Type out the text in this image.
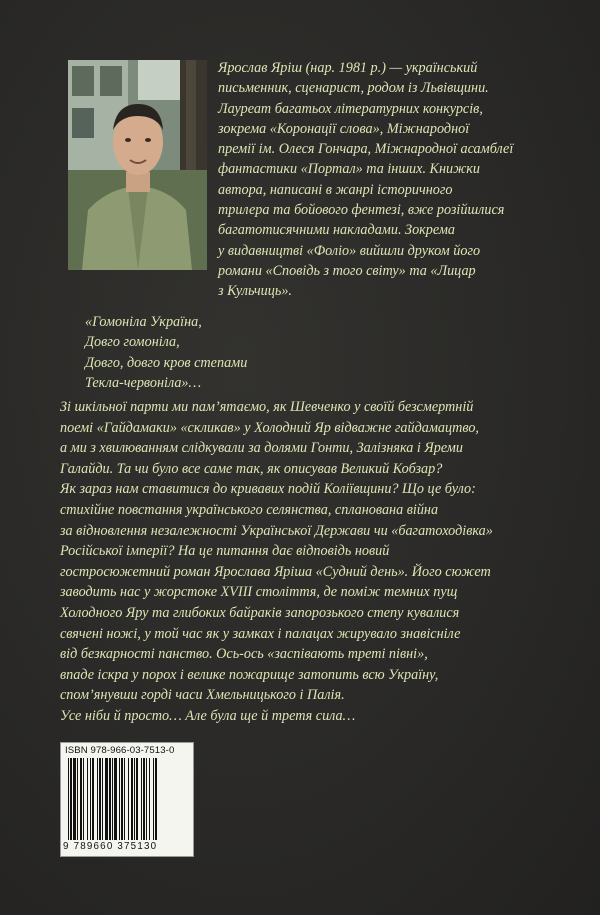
Ярослав Яріш (нар. 1981 р.) — український
письменник, сценарист, родом із Львівщини.
Лауреат багатьох літературних конкурсів,
зокрема «Коронації слова», Міжнародної
премії ім. Олеся Гончара, Міжнародної асамблеї
фантастики «Портал» та інших. Книжки
автора, написані в жанрі історичного
трилера та бойового фентезі, вже розійшлися
багатотисячними накладами. Зокрема
у видавництві «Фоліо» вийшли друком його
романи «Сповідь з того світу» та «Лицар
з Кульчиць».
«Гомоніла Україна,
Довго гомоніла,
Довго, довго кров степами
Текла-червоніла»…
Зі шкільної парти ми пам’ятаємо, як Шевченко у своїй безсмертній
поемі «Гайдамаки» «скликав» у Холодний Яр відважне гайдамацтво,
а ми з хвилюванням слідкували за долями Гонти, Залізняка і Яреми
Галайди. Та чи було все саме так, як описував Великий Кобзар?
Як зараз нам ставитися до кривавих подій Коліївщини? Що це було:
стихійне повстання українського селянства, спланована війна
за відновлення незалежності Української Держави чи «багатоходівка»
Російської імперії? На це питання дає відповідь новий
гостросюжетний роман Ярослава Яріша «Судний день». Його сюжет
заводить нас у жорстоке XVIII століття, де поміж темних пущ
Холодного Яру та глибоких байраків запорозького степу кувалися
свячені ножі, у той час як у замках і палацах жирувало знавісніле
від безкарності панство. Ось-ось «заспівають треті півні»,
впаде іскра у порох і велике пожарище затопить всю Україну,
спом’янувши горді часи Хмельницького і Палія.
Усе ніби й просто… Але була ще й третя сила…
ISBN 978-966-03-7513-0
9 789660 375130
